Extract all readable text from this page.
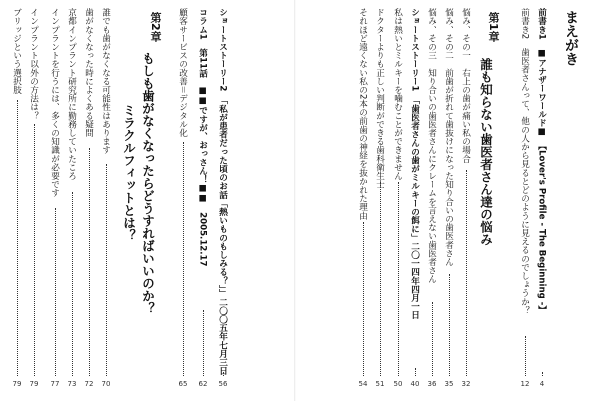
ブリッジという選択肢
79
インプラント以外の方法は？
79
インプラントを行うには、多くの知識が必要です
77
京都インプラント研究所に勤務していたころ
73
歯がなくなった時によくある疑問
72
誰でも歯がなくなる可能性はあります
70
ミラクルフィットとは？ もしも歯がなくなったらどうすればいいのか？
第2章 顧客サービスの改善＝デジタル化
65
コラム1　第11話　■■ですが、おっさん！■■　2005.12.17
62
ショートストーリー2　「私が患者だった頃のお話「熱いものもしみる？」」二〇〇五年七月三日
56
それほど遠くない私の2本の前歯の神経を抜かれた理由
54
ドクターよりも正しい判断ができる歯科衛生士
51
私は熱いとミルキーを噛むことができません
50
ショートストーリー1　「歯医者さんの歯がミルキーの餌に」二〇一四年四月一日
40
悩み、その三　知り合いの歯医者さんにクレームを言えない歯医者さん
36
悩み、その二　前歯が折れて歯抜けになった知り合いの歯医者さん
35
悩み、その一　右上の歯が痛い私の場合
32
誰も知らない歯医者さん達の悩み
第1章 前書き2　歯医者さんって、他の人から見るとどのように見えるのでしょうか？
12
前書き1　■アナザーワールド■　【Lover's Profile - The Beginning -】
4
まえがき
